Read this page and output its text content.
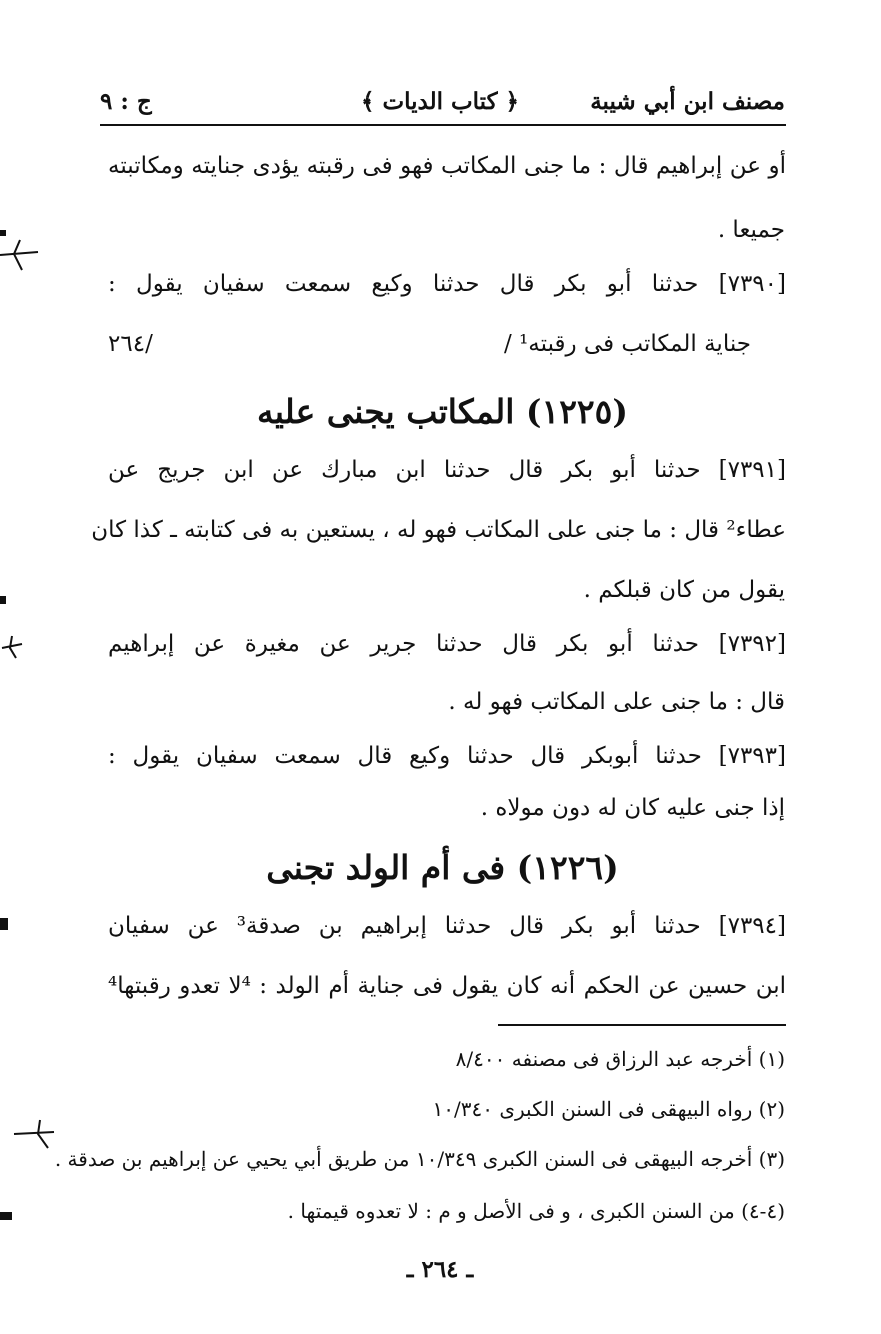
مصنف ابن أبي شيبة
﴿ كتاب الديات ﴾
ج : ٩
أو عن إبراهيم قال : ما جنى المكاتب فهو فى رقبته يؤدى جنايته ومكاتبته
جميعا .
[٧٣٩٠] حدثنا أبو بكر قال حدثنا وكيع سمعت سفيان يقول :
جناية المكاتب فى رقبته¹ /
٢٦٤/
(١٢٢٥) المكاتب يجنى عليه
[٧٣٩١] حدثنا أبو بكر قال حدثنا ابن مبارك عن ابن جريج عن
عطاء² قال : ما جنى على المكاتب فهو له ، يستعين به فى كتابته ـ كذا كان
يقول من كان قبلكم .
[٧٣٩٢] حدثنا أبو بكر قال حدثنا جرير عن مغيرة عن إبراهيم
قال : ما جنى على المكاتب فهو له .
[٧٣٩٣] حدثنا أبوبكر قال حدثنا وكيع قال سمعت سفيان يقول :
إذا جنى عليه كان له دون مولاه .
(١٢٢٦) فى أم الولد تجنى
[٧٣٩٤] حدثنا أبو بكر قال حدثنا إبراهيم بن صدقة³ عن سفيان
ابن حسين عن الحكم أنه كان يقول فى جناية أم الولد : ⁴لا تعدو رقبتها⁴
(١) أخرجه عبد الرزاق فى مصنفه ٨/٤٠٠
(٢) رواه البيهقى فى السنن الكبرى ١٠/٣٤٠
(٣) أخرجه البيهقى فى السنن الكبرى ١٠/٣٤٩ من طريق أبي يحيي عن إبراهيم بن صدقة .
(٤-٤) من السنن الكبرى ، و فى الأصل و م : لا تعدوه قيمتها .
ـ ٢٦٤ ـ
